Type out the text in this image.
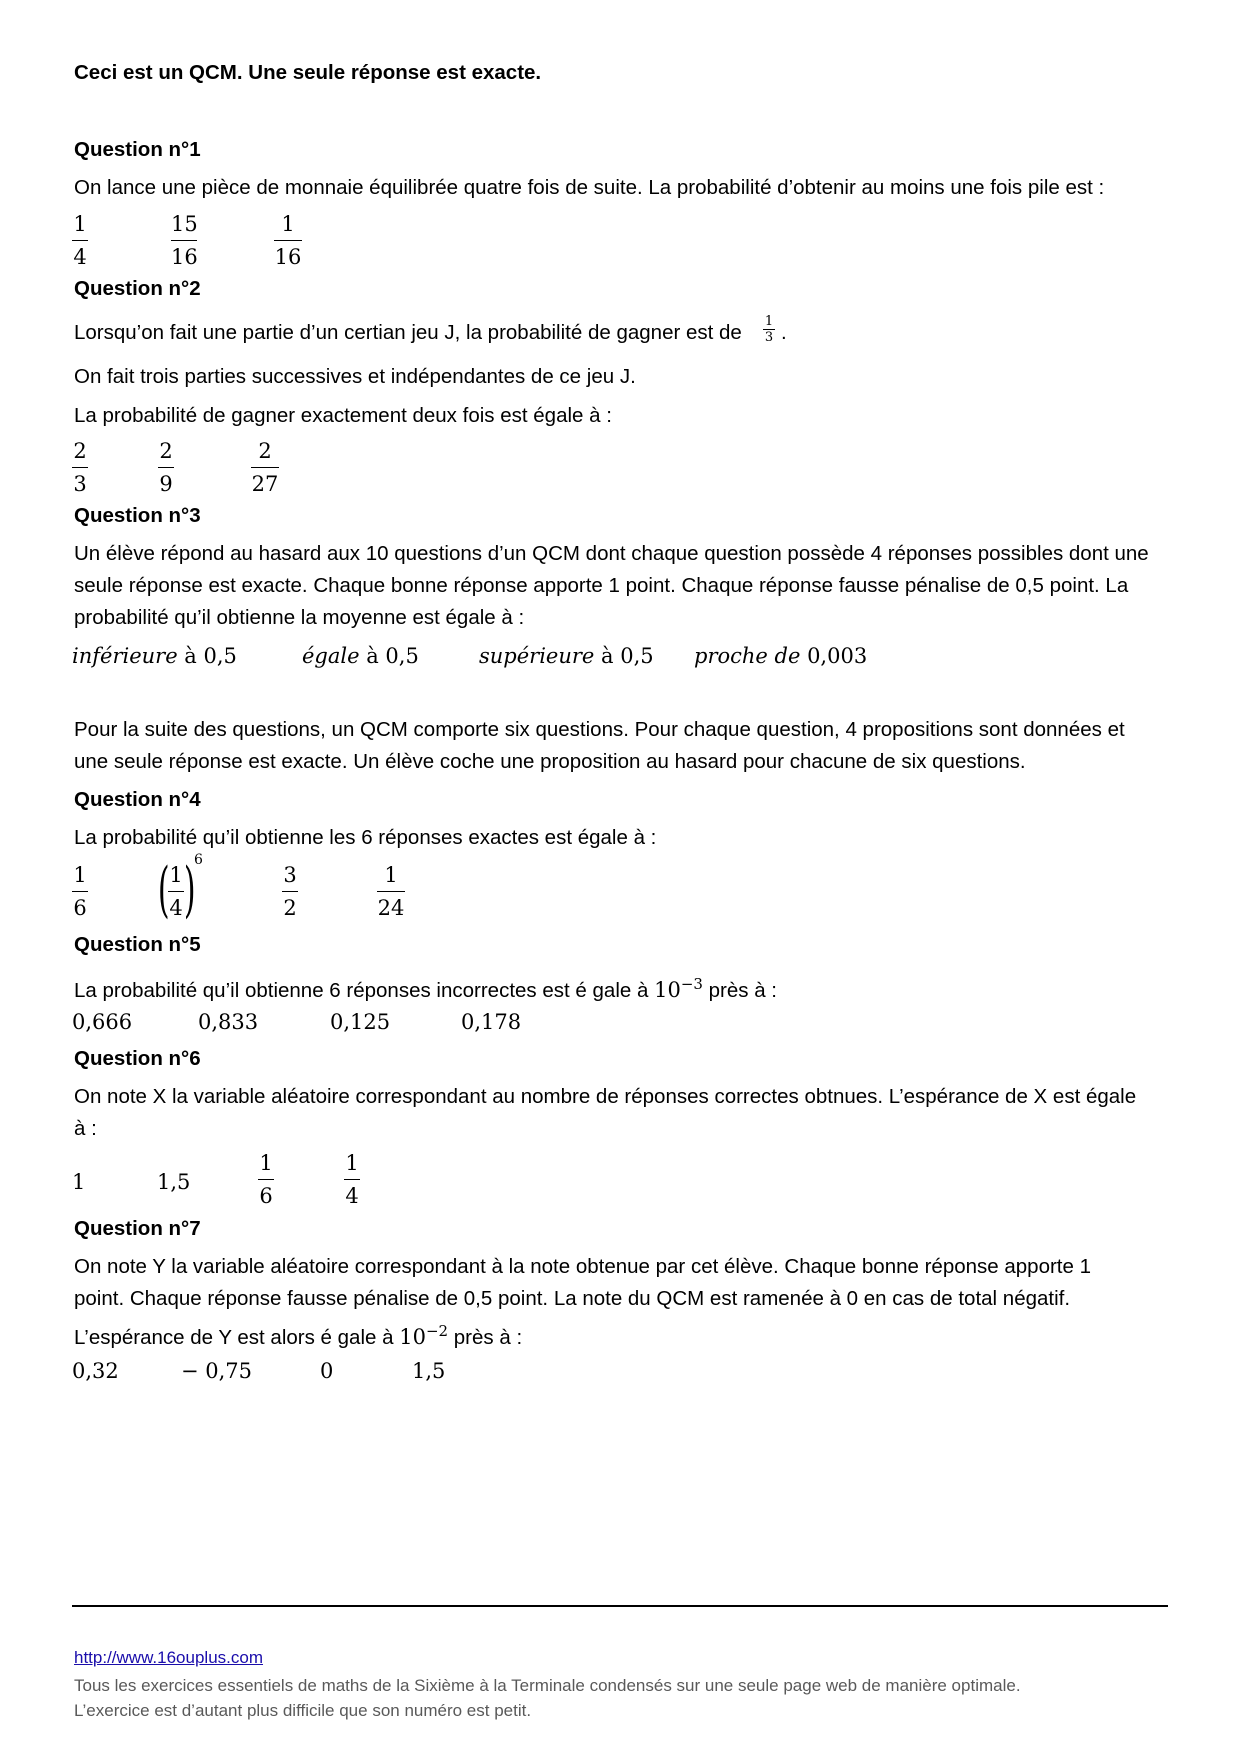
Ceci est un QCM. Une seule réponse est exacte.
Question n°1
On lance une pièce de monnaie équilibrée quatre fois de suite. La probabilité d’obtenir au moins une fois pile est :
1
4
15
16
1
16
Question n°2
Lorsqu’on fait une partie d’un certian jeu J, la probabilité de gagner est de 1
3 .
On fait trois parties successives et indépendantes de ce jeu J.
La probabilité de gagner exactement deux fois est égale à :
2
3
2
9
2
27
Question n°3
Un élève répond au hasard aux 10 questions d’un QCM dont chaque question possède 4 réponses possibles dont une
seule réponse est exacte. Chaque bonne réponse apporte 1 point. Chaque réponse fausse pénalise de 0,5 point. La
probabilité qu’il obtienne la moyenne est égale à :
inférieure à 0,5	égale à 0,5	supérieure à 0,5 proche de 0,003
Pour la suite des questions, un QCM comporte six questions. Pour chaque question, 4 propositions sont données et
une seule réponse est exacte. Un élève coche une proposition au hasard pour chacune de six questions.
Question n°4
La probabilité qu’il obtienne les 6 réponses exactes est égale à :
1
6 ( 1
4 )
6
3
2
1
24
Question n°5
La probabilité qu’il obtienne 6 réponses incorrectes est é gale à $10^{-3}$ près à :
0,666	0,833	0,125	0,178
Question n°6
On note X la variable aléatoire correspondant au nombre de réponses correctes obtnues. L’espérance de X est égale
à :
1	1,5
1
6
1
4
Question n°7
On note Y la variable aléatoire correspondant à la note obtenue par cet élève. Chaque bonne réponse apporte 1
point. Chaque réponse fausse pénalise de 0,5 point. La note du QCM est ramenée à 0 en cas de total négatif.
L’espérance de Y est alors é gale à $10^{-2}$ près à :
0,32	− 0,75	0	1,5
http://www.16ouplus.com
Tous les exercices essentiels de maths de la Sixième à la Terminale condensés sur une seule page web de manière optimale.
L’exercice est d’autant plus difficile que son numéro est petit.
